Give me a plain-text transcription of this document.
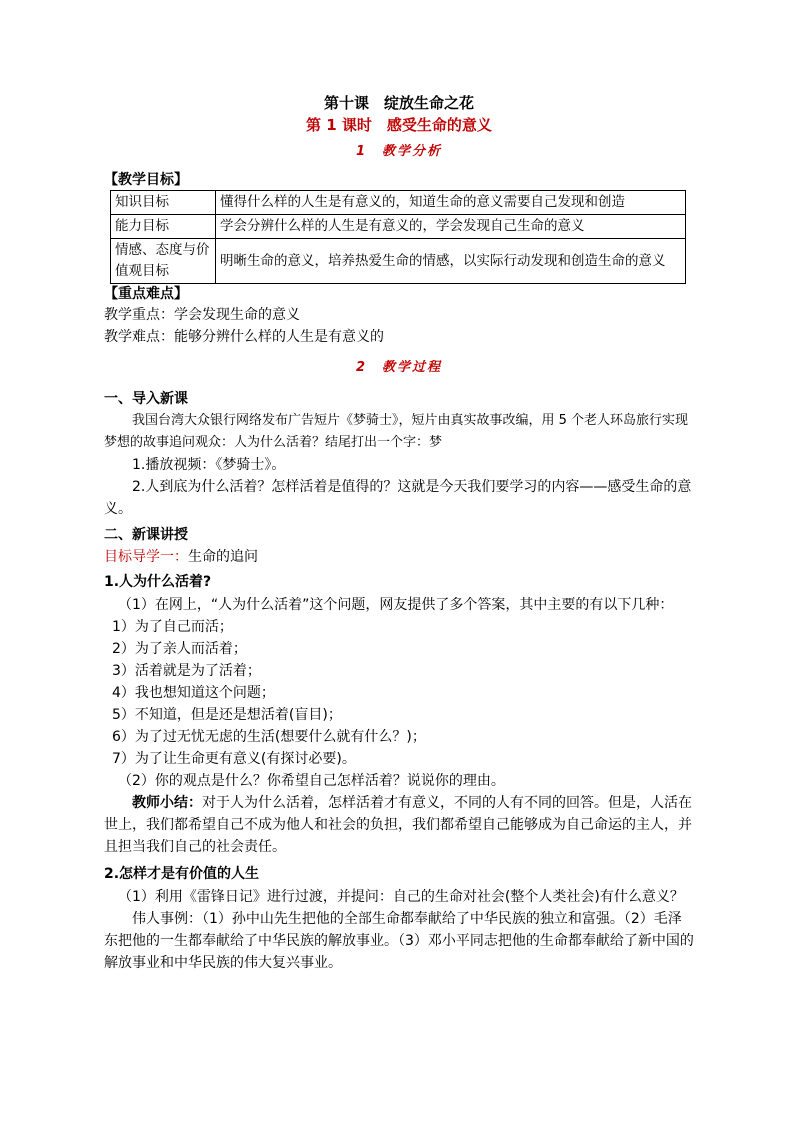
第十课　绽放生命之花
第 1 课时　感受生命的意义
1　教学分析
【教学目标】
知识目标	懂得什么样的人生是有意义的，知道生命的意义需要自己发现和创造
能力目标	学会分辨什么样的人生是有意义的，学会发现自己生命的意义
情感、态度与价值观目标	明晰生命的意义，培养热爱生命的情感，以实际行动发现和创造生命的意义
【重点难点】
教学重点：学会发现生命的意义
教学难点：能够分辨什么样的人生是有意义的
2　教学过程
一、导入新课
我国台湾大众银行网络发布广告短片《梦骑士》，短片由真实故事改编，用 5 个老人环岛旅行实现梦想的故事追问观众：人为什么活着？结尾打出一个字：梦
1.播放视频：《梦骑士》。
2.人到底为什么活着？怎样活着是值得的？这就是今天我们要学习的内容——感受生命的意义。
二、新课讲授
目标导学一：生命的追问
1.人为什么活着?
（1）在网上，“人为什么活着”这个问题，网友提供了多个答案，其中主要的有以下几种：
1）为了自己而活；
2）为了亲人而活着；
3）活着就是为了活着；
4）我也想知道这个问题；
5）不知道，但是还是想活着(盲目)；
6）为了过无忧无虑的生活(想要什么就有什么？)；
7）为了让生命更有意义(有探讨必要)。
（2）你的观点是什么？你希望自己怎样活着？说说你的理由。
教师小结：对于人为什么活着，怎样活着才有意义，不同的人有不同的回答。但是，人活在世上，我们都希望自己不成为他人和社会的负担，我们都希望自己能够成为自己命运的主人，并且担当我们自己的社会责任。
2.怎样才是有价值的人生
（1）利用《雷锋日记》进行过渡，并提问：自己的生命对社会(整个人类社会)有什么意义？
伟人事例：（1）孙中山先生把他的全部生命都奉献给了中华民族的独立和富强。（2）毛泽东把他的一生都奉献给了中华民族的解放事业。（3）邓小平同志把他的生命都奉献给了新中国的解放事业和中华民族的伟大复兴事业。
